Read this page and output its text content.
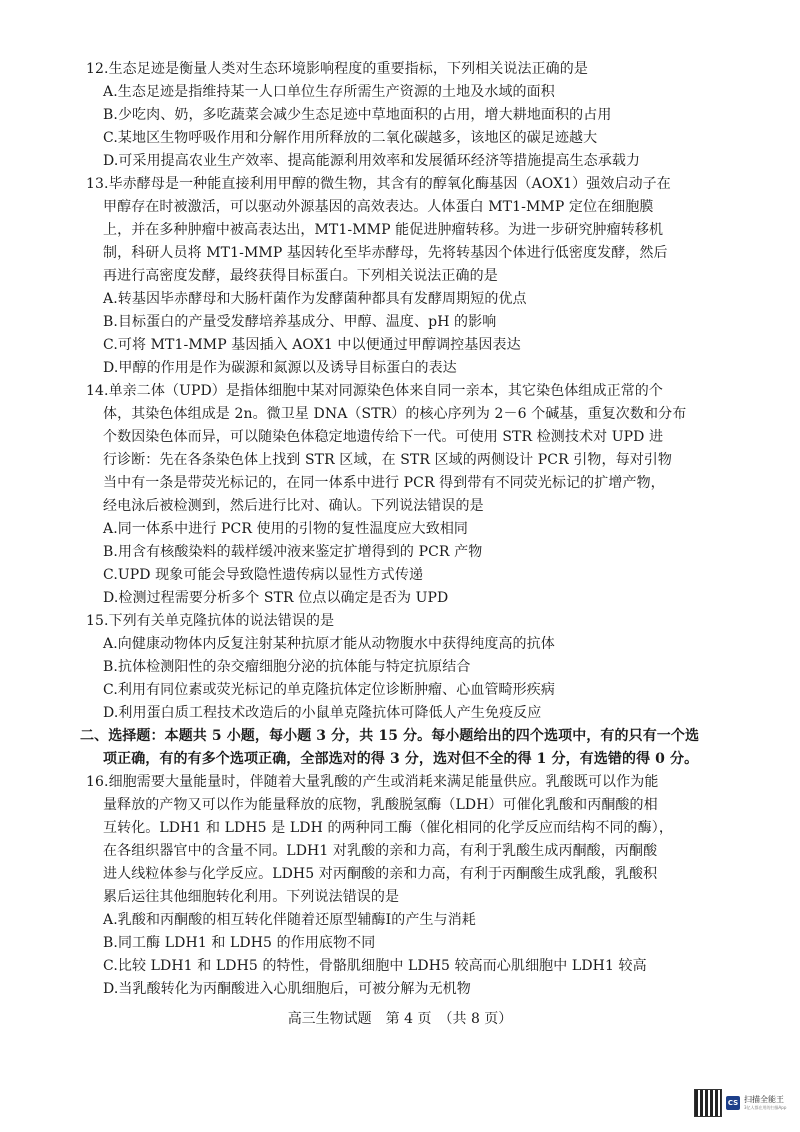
12.生态足迹是衡量人类对生态环境影响程度的重要指标，下列相关说法正确的是

A.生态足迹是指维持某一人口单位生存所需生产资源的土地及水域的面积

B.少吃肉、奶，多吃蔬菜会减少生态足迹中草地面积的占用，增大耕地面积的占用

C.某地区生物呼吸作用和分解作用所释放的二氧化碳越多，该地区的碳足迹越大

D.可采用提高农业生产效率、提高能源利用效率和发展循环经济等措施提高生态承载力

13.毕赤酵母是一种能直接利用甲醇的微生物，其含有的醇氧化酶基因（AOX1）强效启动子在

甲醇存在时被激活，可以驱动外源基因的高效表达。人体蛋白 MT1-MMP 定位在细胞膜

上，并在多种肿瘤中被高表达出，MT1-MMP 能促进肿瘤转移。为进一步研究肿瘤转移机

制，科研人员将 MT1-MMP 基因转化至毕赤酵母，先将转基因个体进行低密度发酵，然后

再进行高密度发酵，最终获得目标蛋白。下列相关说法正确的是

A.转基因毕赤酵母和大肠杆菌作为发酵菌种都具有发酵周期短的优点

B.目标蛋白的产量受发酵培养基成分、甲醇、温度、pH 的影响

C.可将 MT1-MMP 基因插入 AOX1 中以便通过甲醇调控基因表达

D.甲醇的作用是作为碳源和氮源以及诱导目标蛋白的表达

14.单亲二体（UPD）是指体细胞中某对同源染色体来自同一亲本，其它染色体组成正常的个

体，其染色体组成是 2n。微卫星 DNA（STR）的核心序列为 2－6 个碱基，重复次数和分布

个数因染色体而异，可以随染色体稳定地遗传给下一代。可使用 STR 检测技术对 UPD 进

行诊断：先在各条染色体上找到 STR 区域，在 STR 区域的两侧设计 PCR 引物，每对引物

当中有一条是带荧光标记的，在同一体系中进行 PCR 得到带有不同荧光标记的扩增产物，

经电泳后被检测到，然后进行比对、确认。下列说法错误的是

A.同一体系中进行 PCR 使用的引物的复性温度应大致相同

B.用含有核酸染料的载样缓冲液来鉴定扩增得到的 PCR 产物

C.UPD 现象可能会导致隐性遗传病以显性方式传递

D.检测过程需要分析多个 STR 位点以确定是否为 UPD

15.下列有关单克隆抗体的说法错误的是

A.向健康动物体内反复注射某种抗原才能从动物腹水中获得纯度高的抗体

B.抗体检测阳性的杂交瘤细胞分泌的抗体能与特定抗原结合

C.利用有同位素或荧光标记的单克隆抗体定位诊断肿瘤、心血管畸形疾病

D.利用蛋白质工程技术改造后的小鼠单克隆抗体可降低人产生免疫反应

二、选择题：本题共 5 小题，每小题 3 分，共 15 分。每小题给出的四个选项中，有的只有一个选

项正确，有的有多个选项正确，全部选对的得 3 分，选对但不全的得 1 分，有选错的得 0 分。

16.细胞需要大量能量时，伴随着大量乳酸的产生或消耗来满足能量供应。乳酸既可以作为能

量释放的产物又可以作为能量释放的底物，乳酸脱氢酶（LDH）可催化乳酸和丙酮酸的相

互转化。LDH1 和 LDH5 是 LDH 的两种同工酶（催化相同的化学反应而结构不同的酶），

在各组织器官中的含量不同。LDH1 对乳酸的亲和力高，有利于乳酸生成丙酮酸，丙酮酸

进人线粒体参与化学反应。LDH5 对丙酮酸的亲和力高，有利于丙酮酸生成乳酸，乳酸积

累后运往其他细胞转化利用。下列说法错误的是

A.乳酸和丙酮酸的相互转化伴随着还原型辅酶Ⅰ的产生与消耗

B.同工酶 LDH1 和 LDH5 的作用底物不同

C.比较 LDH1 和 LDH5 的特性，骨骼肌细胞中 LDH5 较高而心肌细胞中 LDH1 较高

D.当乳酸转化为丙酮酸进入心肌细胞后，可被分解为无机物

高三生物试题　第 4 页　（共 8 页）
CS 扫描全能王
3亿人都在用的扫描App
